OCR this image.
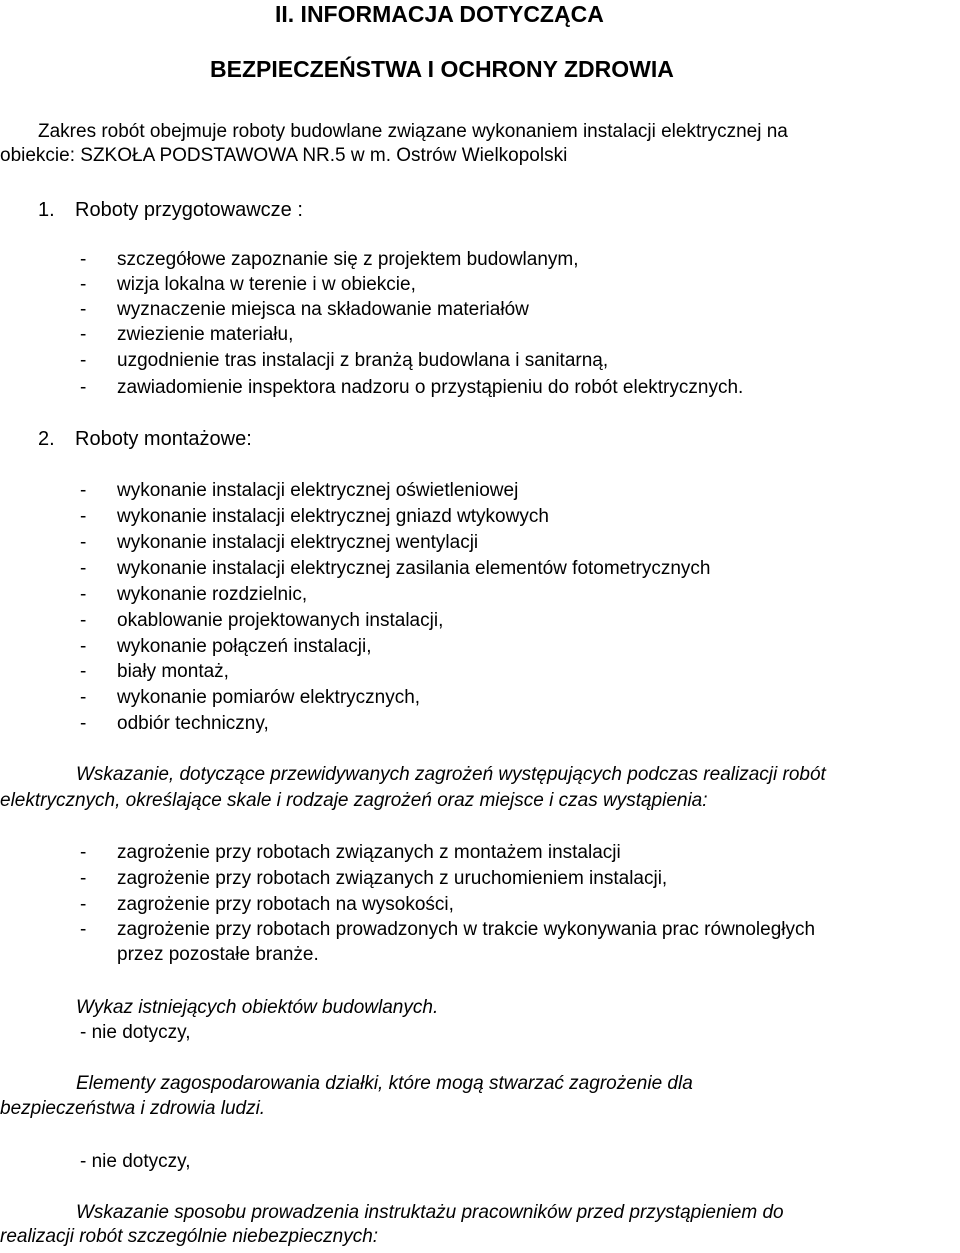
II. INFORMACJA DOTYCZĄCA
BEZPIECZEŃSTWA I OCHRONY ZDROWIA
Zakres robót obejmuje roboty budowlane związane wykonaniem instalacji elektrycznej na
obiekcie: SZKOŁA PODSTAWOWA NR.5 w m. Ostrów Wielkopolski
1. Roboty przygotowawcze :
- szczegółowe zapoznanie się z projektem budowlanym,
- wizja lokalna w terenie i w obiekcie,
- wyznaczenie miejsca na składowanie materiałów
- zwiezienie materiału,
- uzgodnienie tras instalacji z branżą budowlana i sanitarną,
- zawiadomienie inspektora nadzoru o przystąpieniu do robót elektrycznych.
2. Roboty montażowe:
- wykonanie instalacji elektrycznej oświetleniowej
- wykonanie instalacji elektrycznej gniazd wtykowych
- wykonanie instalacji elektrycznej wentylacji
- wykonanie instalacji elektrycznej zasilania elementów fotometrycznych
- wykonanie rozdzielnic,
- okablowanie projektowanych instalacji,
- wykonanie połączeń instalacji,
- biały montaż,
- wykonanie pomiarów elektrycznych,
- odbiór techniczny,
Wskazanie, dotyczące przewidywanych zagrożeń występujących podczas realizacji robót
elektrycznych, określające skale i rodzaje zagrożeń oraz miejsce i czas wystąpienia:
- zagrożenie przy robotach związanych z montażem instalacji
- zagrożenie przy robotach związanych z uruchomieniem instalacji,
- zagrożenie przy robotach na wysokości,
- zagrożenie przy robotach prowadzonych w trakcie wykonywania prac równoległych
przez pozostałe branże.
Wykaz istniejących obiektów budowlanych.
- nie dotyczy,
Elementy zagospodarowania działki, które mogą stwarzać zagrożenie dla
bezpieczeństwa i zdrowia ludzi.
- nie dotyczy,
Wskazanie sposobu prowadzenia instruktażu pracowników przed przystąpieniem do
realizacji robót szczególnie niebezpiecznych:
